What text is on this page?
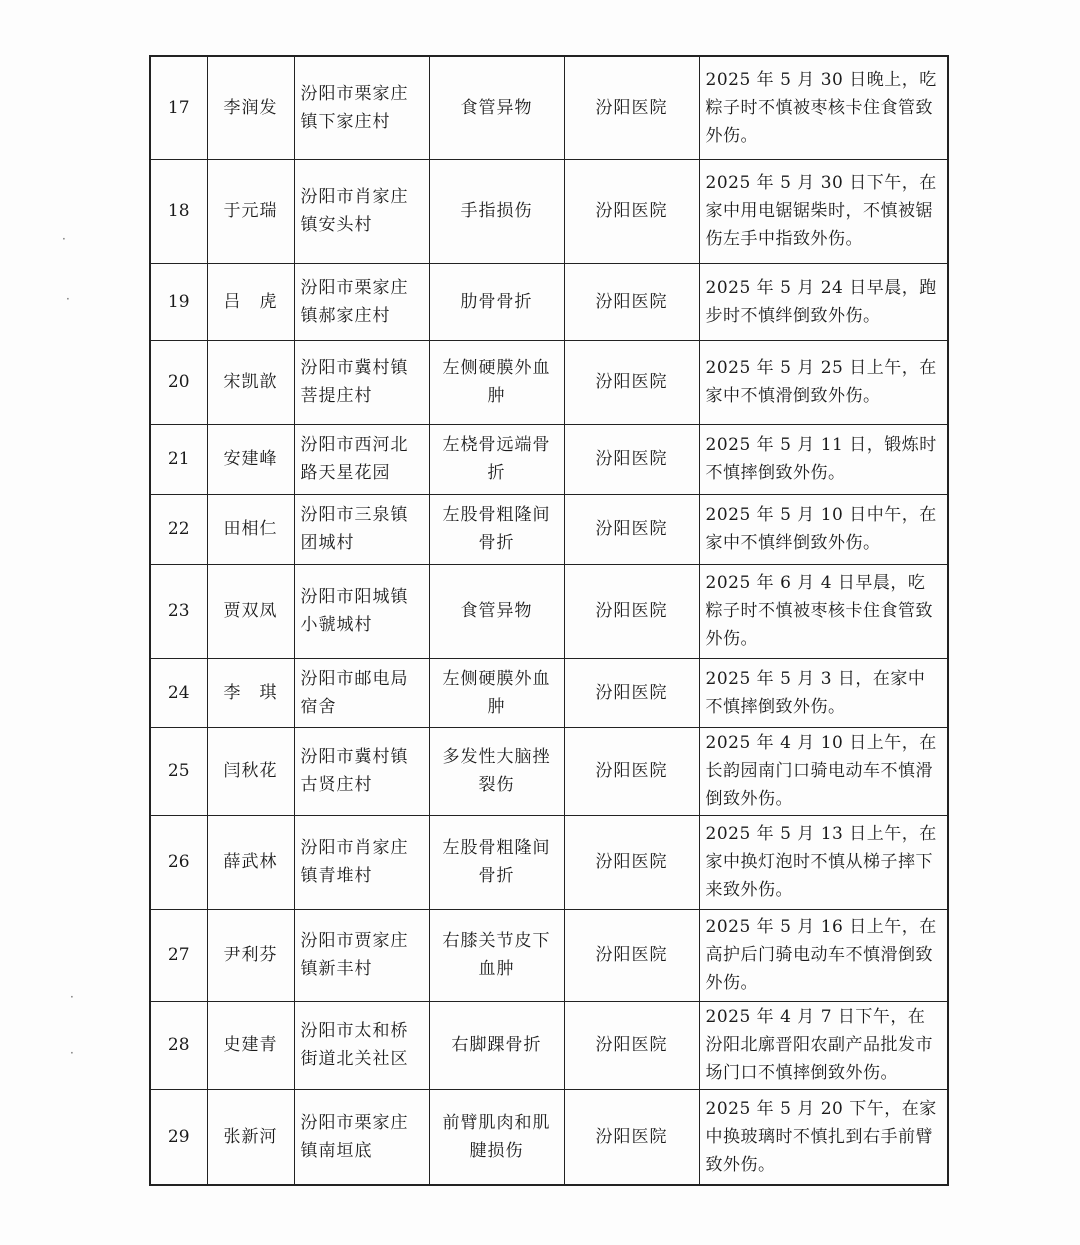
·
·
·
·
17	李润发	汾阳市栗家庄镇下家庄村	食管异物	汾阳医院	2025 年 5 月 30 日晚上，吃粽子时不慎被枣核卡住食管致外伤。
18	于元瑞	汾阳市肖家庄镇安头村	手指损伤	汾阳医院	2025 年 5 月 30 日下午，在家中用电锯锯柴时，不慎被锯伤左手中指致外伤。
19	吕　虎	汾阳市栗家庄镇郝家庄村	肋骨骨折	汾阳医院	2025 年 5 月 24 日早晨，跑步时不慎绊倒致外伤。
20	宋凯歆	汾阳市冀村镇菩提庄村	左侧硬膜外血肿	汾阳医院	2025 年 5 月 25 日上午，在家中不慎滑倒致外伤。
21	安建峰	汾阳市西河北路天星花园	左桡骨远端骨折	汾阳医院	2025 年 5 月 11 日，锻炼时不慎摔倒致外伤。
22	田相仁	汾阳市三泉镇团城村	左股骨粗隆间骨折	汾阳医院	2025 年 5 月 10 日中午，在家中不慎绊倒致外伤。
23	贾双凤	汾阳市阳城镇小虢城村	食管异物	汾阳医院	2025 年 6 月 4 日早晨，吃粽子时不慎被枣核卡住食管致外伤。
24	李　琪	汾阳市邮电局宿舍	左侧硬膜外血肿	汾阳医院	2025 年 5 月 3 日，在家中不慎摔倒致外伤。
25	闫秋花	汾阳市冀村镇古贤庄村	多发性大脑挫裂伤	汾阳医院	2025 年 4 月 10 日上午，在长韵园南门口骑电动车不慎滑倒致外伤。
26	薛武林	汾阳市肖家庄镇青堆村	左股骨粗隆间骨折	汾阳医院	2025 年 5 月 13 日上午，在家中换灯泡时不慎从梯子摔下来致外伤。
27	尹利芬	汾阳市贾家庄镇新丰村	右膝关节皮下血肿	汾阳医院	2025 年 5 月 16 日上午，在高护后门骑电动车不慎滑倒致外伤。
28	史建青	汾阳市太和桥街道北关社区	右脚踝骨折	汾阳医院	2025 年 4 月 7 日下午，在汾阳北廓晋阳农副产品批发市场门口不慎摔倒致外伤。
29	张新河	汾阳市栗家庄镇南垣底	前臂肌肉和肌腱损伤	汾阳医院	2025 年 5 月 20 下午，在家中换玻璃时不慎扎到右手前臂致外伤。
